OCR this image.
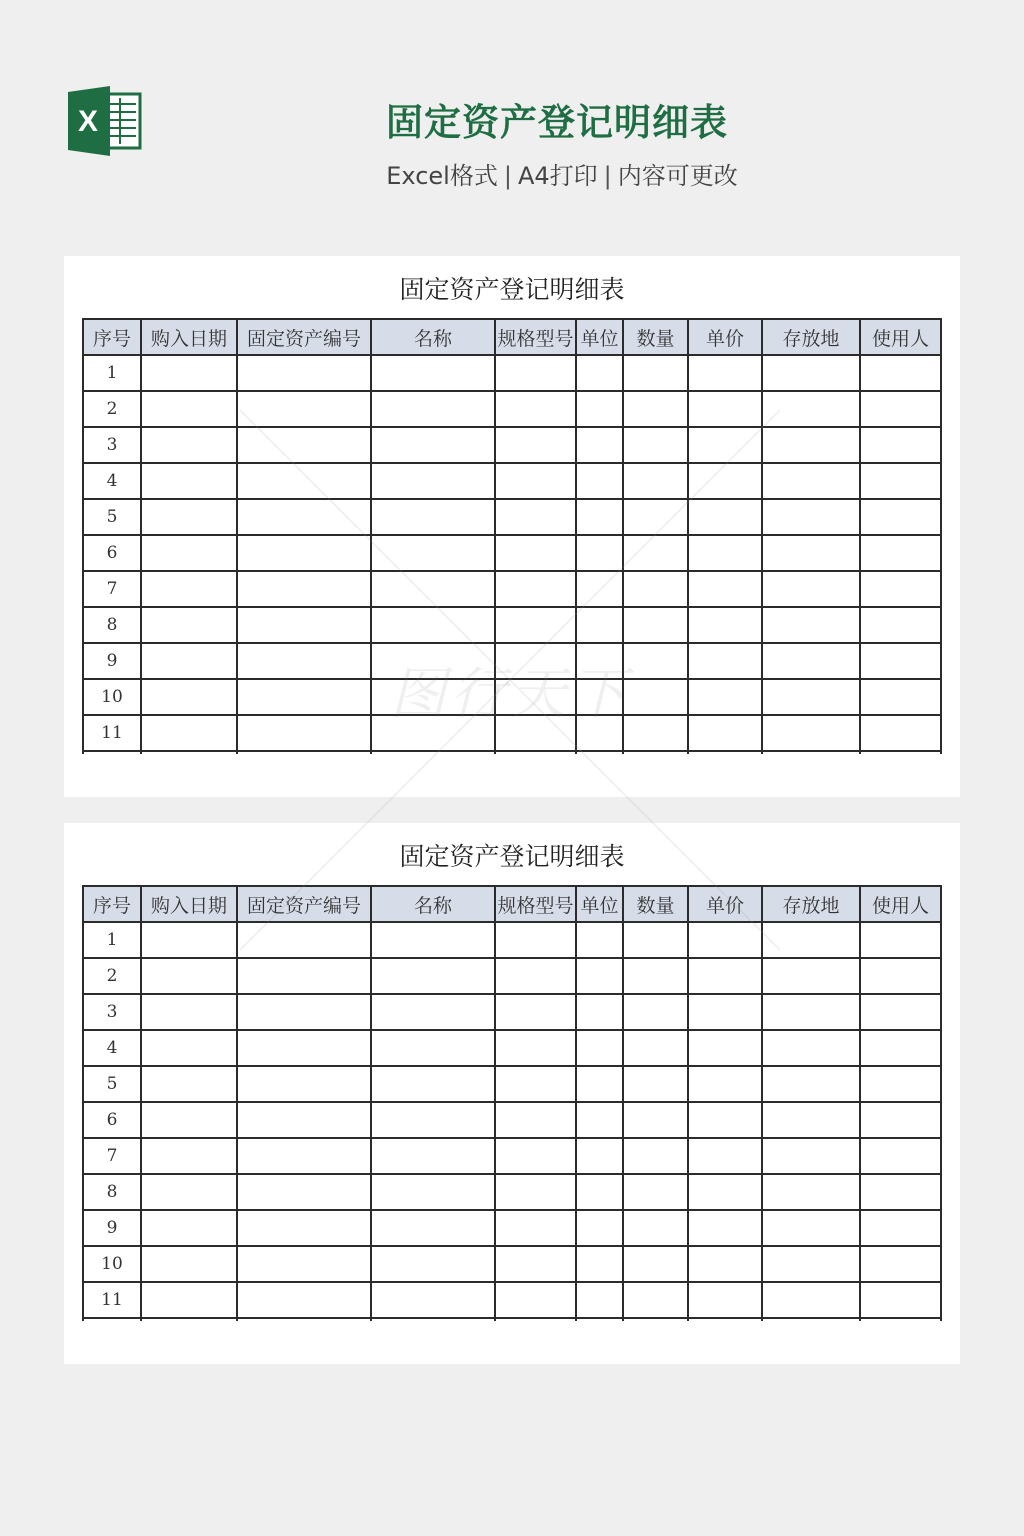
X	固定资产登记明细表
Excel格式 | A4打印 | 内容可更改
固定资产登记明细表
序号	购入日期	固定资产编号	名称	规格型号	单位	数量	单价	存放地	使用人
1									
2									
3									
4									
5									
6									
7									
8									
9									
10									
11									

固定资产登记明细表
序号	购入日期	固定资产编号	名称	规格型号	单位	数量	单价	存放地	使用人
1									
2									
3									
4									
5									
6									
7									
8									
9									
10									
11									
